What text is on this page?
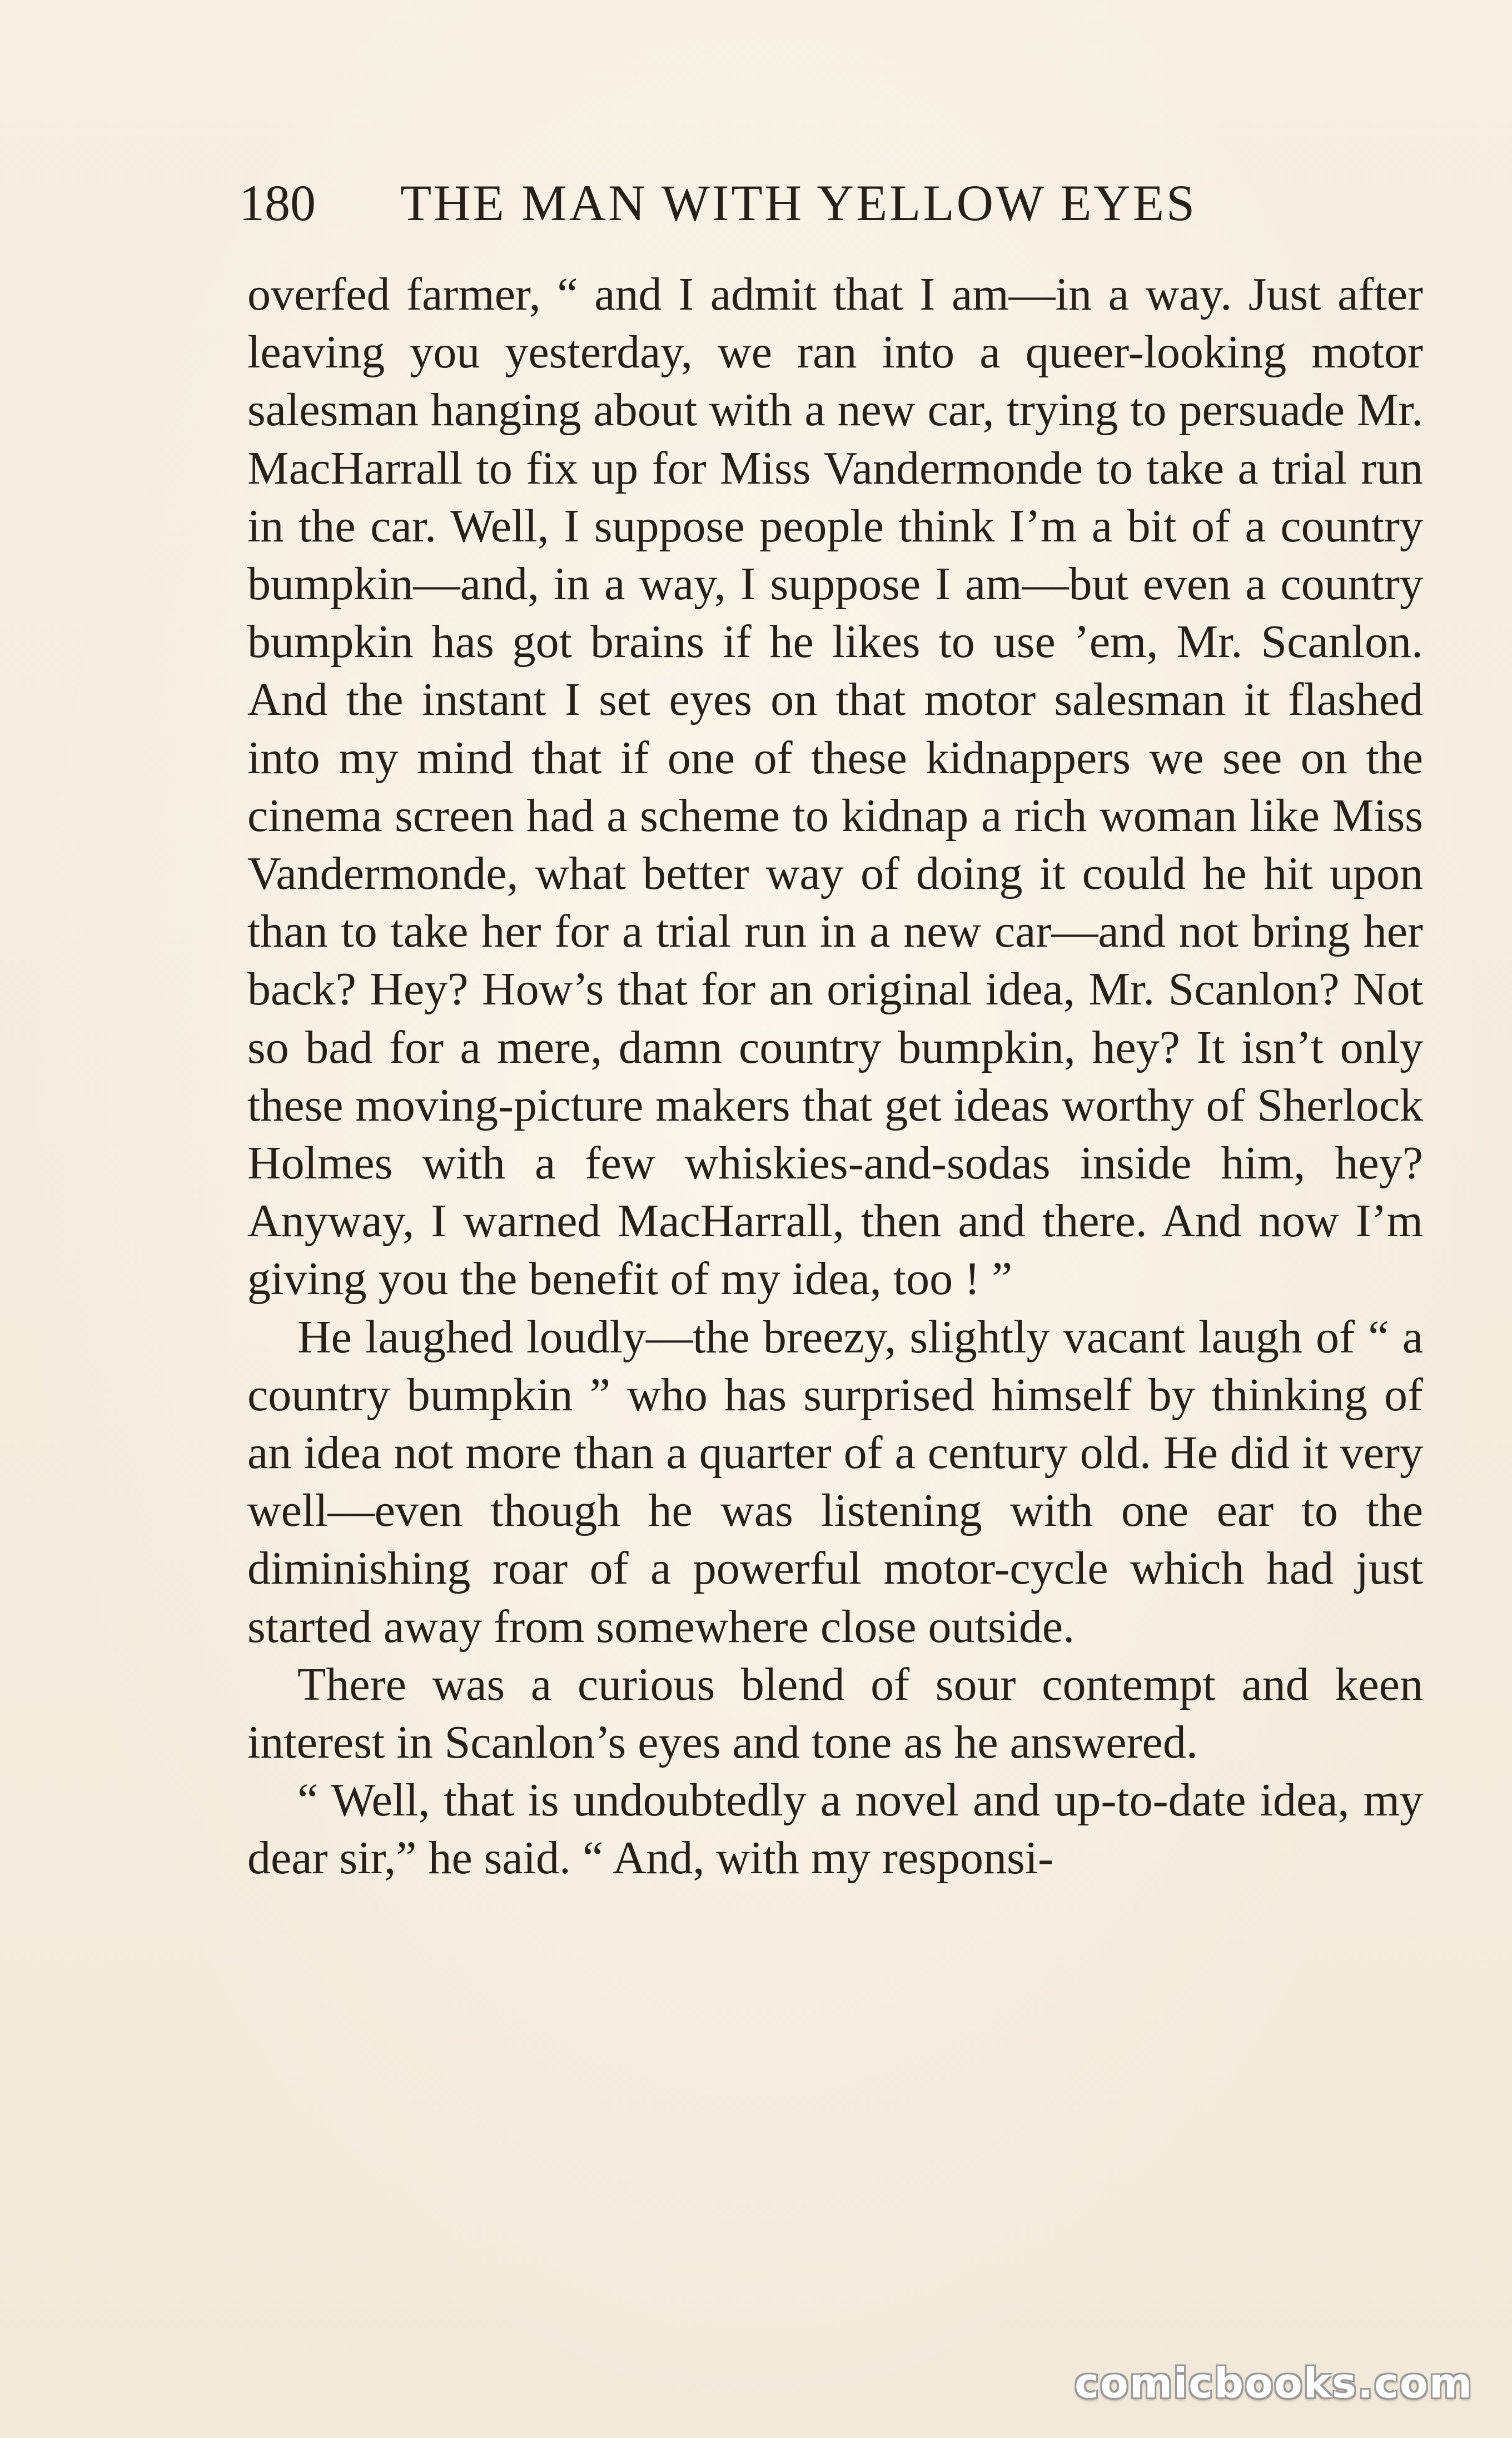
180 THE MAN WITH YELLOW EYES

overfed farmer, “ and I admit that I am—in a way. Just after leaving you yesterday, we ran into a queer-looking motor salesman hanging about with a new car, trying to persuade Mr. MacHarrall to fix up for Miss Vandermonde to take a trial run in the car. Well, I suppose people think I’m a bit of a country bumpkin—and, in a way, I suppose I am—but even a country bumpkin has got brains if he likes to use ’em, Mr. Scanlon. And the instant I set eyes on that motor salesman it flashed into my mind that if one of these kidnappers we see on the cinema screen had a scheme to kidnap a rich woman like Miss Vandermonde, what better way of doing it could he hit upon than to take her for a trial run in a new car—and not bring her back? Hey? How’s that for an original idea, Mr. Scanlon? Not so bad for a mere, damn country bumpkin, hey? It isn’t only these moving-picture makers that get ideas worthy of Sherlock Holmes with a few whiskies-and-sodas inside him, hey? Anyway, I warned MacHarrall, then and there. And now I’m giving you the benefit of my idea, too ! ”

He laughed loudly—the breezy, slightly vacant laugh of “ a country bumpkin ” who has surprised himself by thinking of an idea not more than a quarter of a century old. He did it very well—even though he was listening with one ear to the diminishing roar of a powerful motor-cycle which had just started away from somewhere close outside.

There was a curious blend of sour contempt and keen interest in Scanlon’s eyes and tone as he answered.

“ Well, that is undoubtedly a novel and up-to-date idea, my dear sir,” he said. “ And, with my responsi-

comicbooks.com
